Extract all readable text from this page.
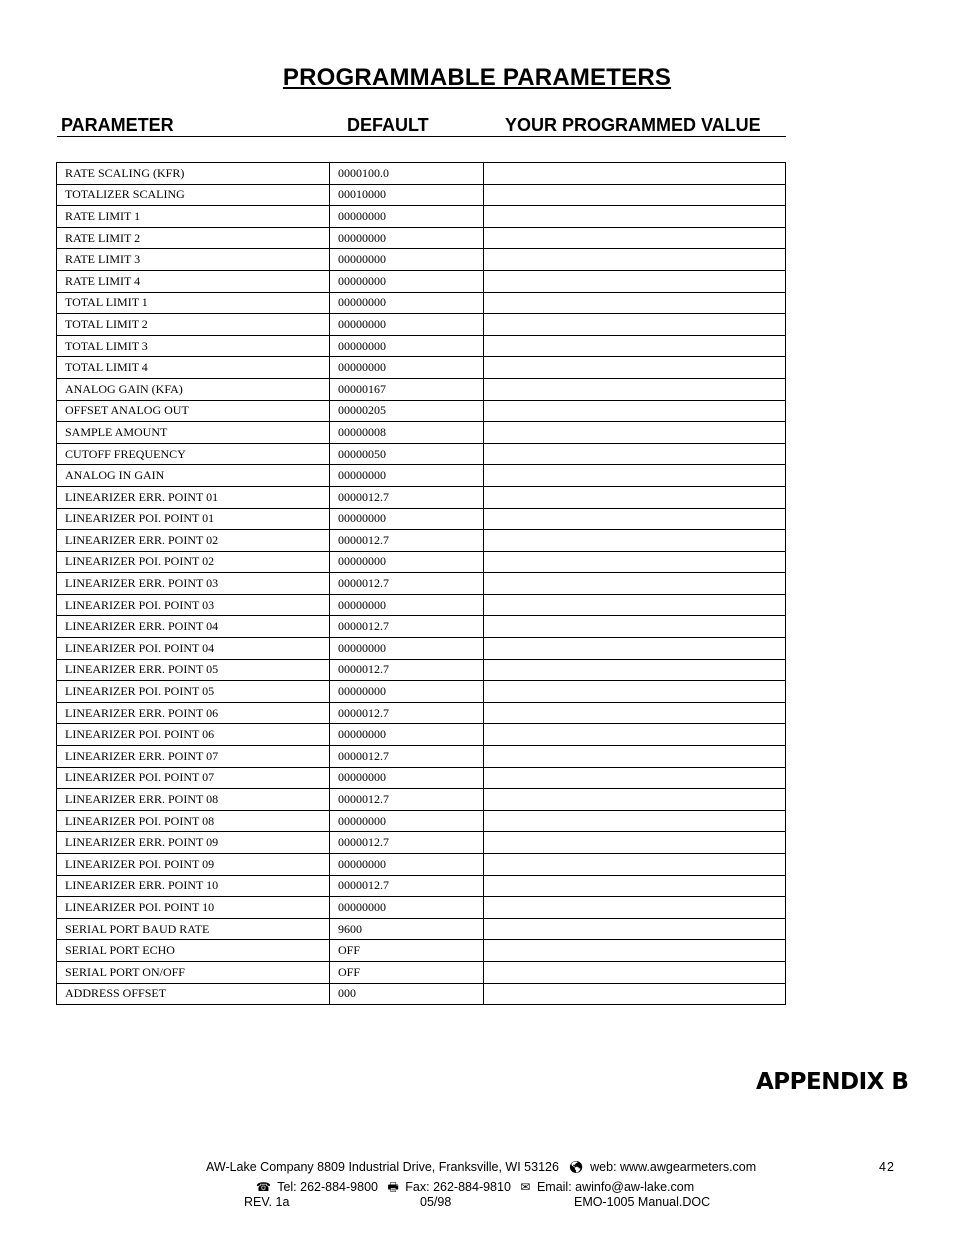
PROGRAMMABLE PARAMETERS
PARAMETER	DEFAULT	YOUR PROGRAMMED VALUE
RATE SCALING (KFR)	0000100.0	
TOTALIZER SCALING	00010000	
RATE LIMIT 1	00000000	
RATE LIMIT 2	00000000	
RATE LIMIT 3	00000000	
RATE LIMIT 4	00000000	
TOTAL LIMIT 1	00000000	
TOTAL LIMIT 2	00000000	
TOTAL LIMIT 3	00000000	
TOTAL LIMIT 4	00000000	
ANALOG GAIN (KFA)	00000167	
OFFSET ANALOG OUT	00000205	
SAMPLE AMOUNT	00000008	
CUTOFF FREQUENCY	00000050	
ANALOG IN GAIN	00000000	
LINEARIZER ERR. POINT 01	0000012.7	
LINEARIZER POI. POINT 01	00000000	
LINEARIZER ERR. POINT 02	0000012.7	
LINEARIZER POI. POINT 02	00000000	
LINEARIZER ERR. POINT 03	0000012.7	
LINEARIZER POI. POINT 03	00000000	
LINEARIZER ERR. POINT 04	0000012.7	
LINEARIZER POI. POINT 04	00000000	
LINEARIZER ERR. POINT 05	0000012.7	
LINEARIZER POI. POINT 05	00000000	
LINEARIZER ERR. POINT 06	0000012.7	
LINEARIZER POI. POINT 06	00000000	
LINEARIZER ERR. POINT 07	0000012.7	
LINEARIZER POI. POINT 07	00000000	
LINEARIZER ERR. POINT 08	0000012.7	
LINEARIZER POI. POINT 08	00000000	
LINEARIZER ERR. POINT 09	0000012.7	
LINEARIZER POI. POINT 09	00000000	
LINEARIZER ERR. POINT 10	0000012.7	
LINEARIZER POI. POINT 10	00000000	
SERIAL PORT BAUD RATE	9600	
SERIAL PORT ECHO	OFF	
SERIAL PORT ON/OFF	OFF	
ADDRESS OFFSET	000	
APPENDIX B
AW-Lake Company 8809 Industrial Drive, Franksville, WI 53126 🌎︎ web: www.awgearmeters.com
☎ Tel: 262-884-9800 🖶︎ Fax: 262-884-9810 ✉ Email: awinfo@aw-lake.com
REV. 1a	05/98	EMO-1005 Manual.DOC
42
